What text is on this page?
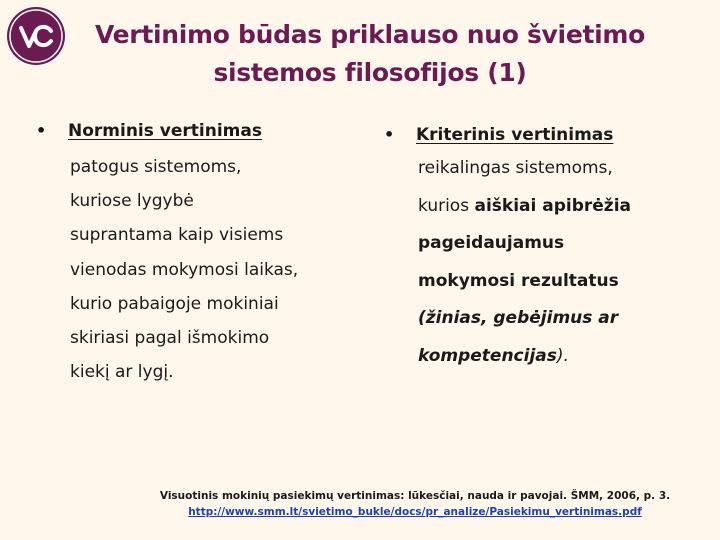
Vertinimo būdas priklauso nuo švietimo
sistemos filosofijos (1)
•	Norminis vertinimas
patogus sistemoms,
kuriose lygybė
suprantama kaip visiems
vienodas mokymosi laikas,
kurio pabaigoje mokiniai
skiriasi pagal išmokimo
kiekį ar lygį.
•	Kriterinis vertinimas
reikalingas sistemoms,
kurios aiškiai apibrėžia
pageidaujamus
mokymosi rezultatus
(žinias, gebėjimus ar
kompetencijas).
Visuotinis mokinių pasiekimų vertinimas: lūkesčiai, nauda ir pavojai. ŠMM, 2006, p. 3.
http://www.smm.lt/svietimo_bukle/docs/pr_analize/Pasiekimu_vertinimas.pdf
